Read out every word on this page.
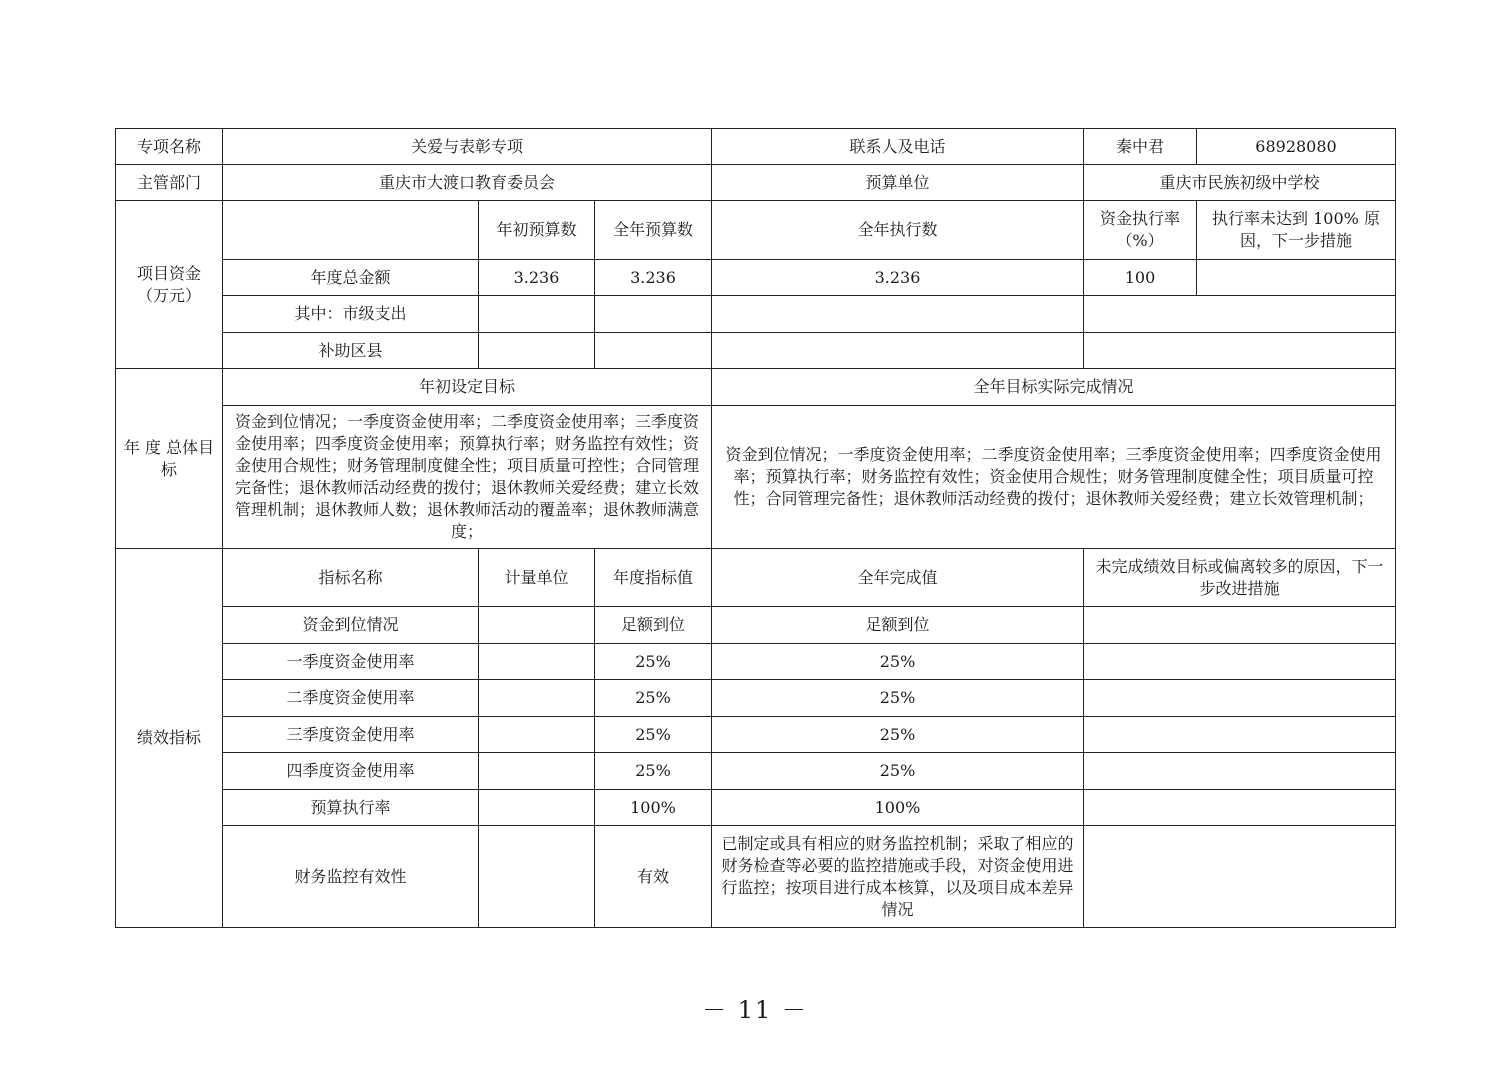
专项名称	关爱与表彰专项			联系人及电话	秦中君	68928080
主管部门	重庆市大渡口教育委员会			预算单位	重庆市民族初级中学校	
项目资金（万元）		年初预算数	全年预算数	全年执行数	资金执行率（%）	执行率未达到 100% 原因，下一步措施
	年度总金额	3.236	3.236	3.236	100	
	其中：市级支出					
	补助区县					
年 度 总体目标	年初设定目标			全年目标实际完成情况		
	资金到位情况；一季度资金使用率；二季度资金使用率；三季度资金使用率；四季度资金使用率；预算执行率；财务监控有效性；资金使用合规性；财务管理制度健全性；项目质量可控性；合同管理完备性；退休教师活动经费的拨付；退休教师关爱经费；建立长效管理机制；退休教师人数；退休教师活动的覆盖率；退休教师满意度；			资金到位情况；一季度资金使用率；二季度资金使用率；三季度资金使用率；四季度资金使用率；预算执行率；财务监控有效性；资金使用合规性；财务管理制度健全性；项目质量可控性；合同管理完备性；退休教师活动经费的拨付；退休教师关爱经费；建立长效管理机制；		
绩效指标	指标名称	计量单位	年度指标值	全年完成值	未完成绩效目标或偏离较多的原因，下一步改进措施	
	资金到位情况		足额到位	足额到位		
	一季度资金使用率		25%	25%		
	二季度资金使用率		25%	25%		
	三季度资金使用率		25%	25%		
	四季度资金使用率		25%	25%		
	预算执行率		100%	100%		
	财务监控有效性		有效	已制定或具有相应的财务监控机制；采取了相应的财务检查等必要的监控措施或手段，对资金使用进行监控；按项目进行成本核算，以及项目成本差异情况		
－ 11 －
